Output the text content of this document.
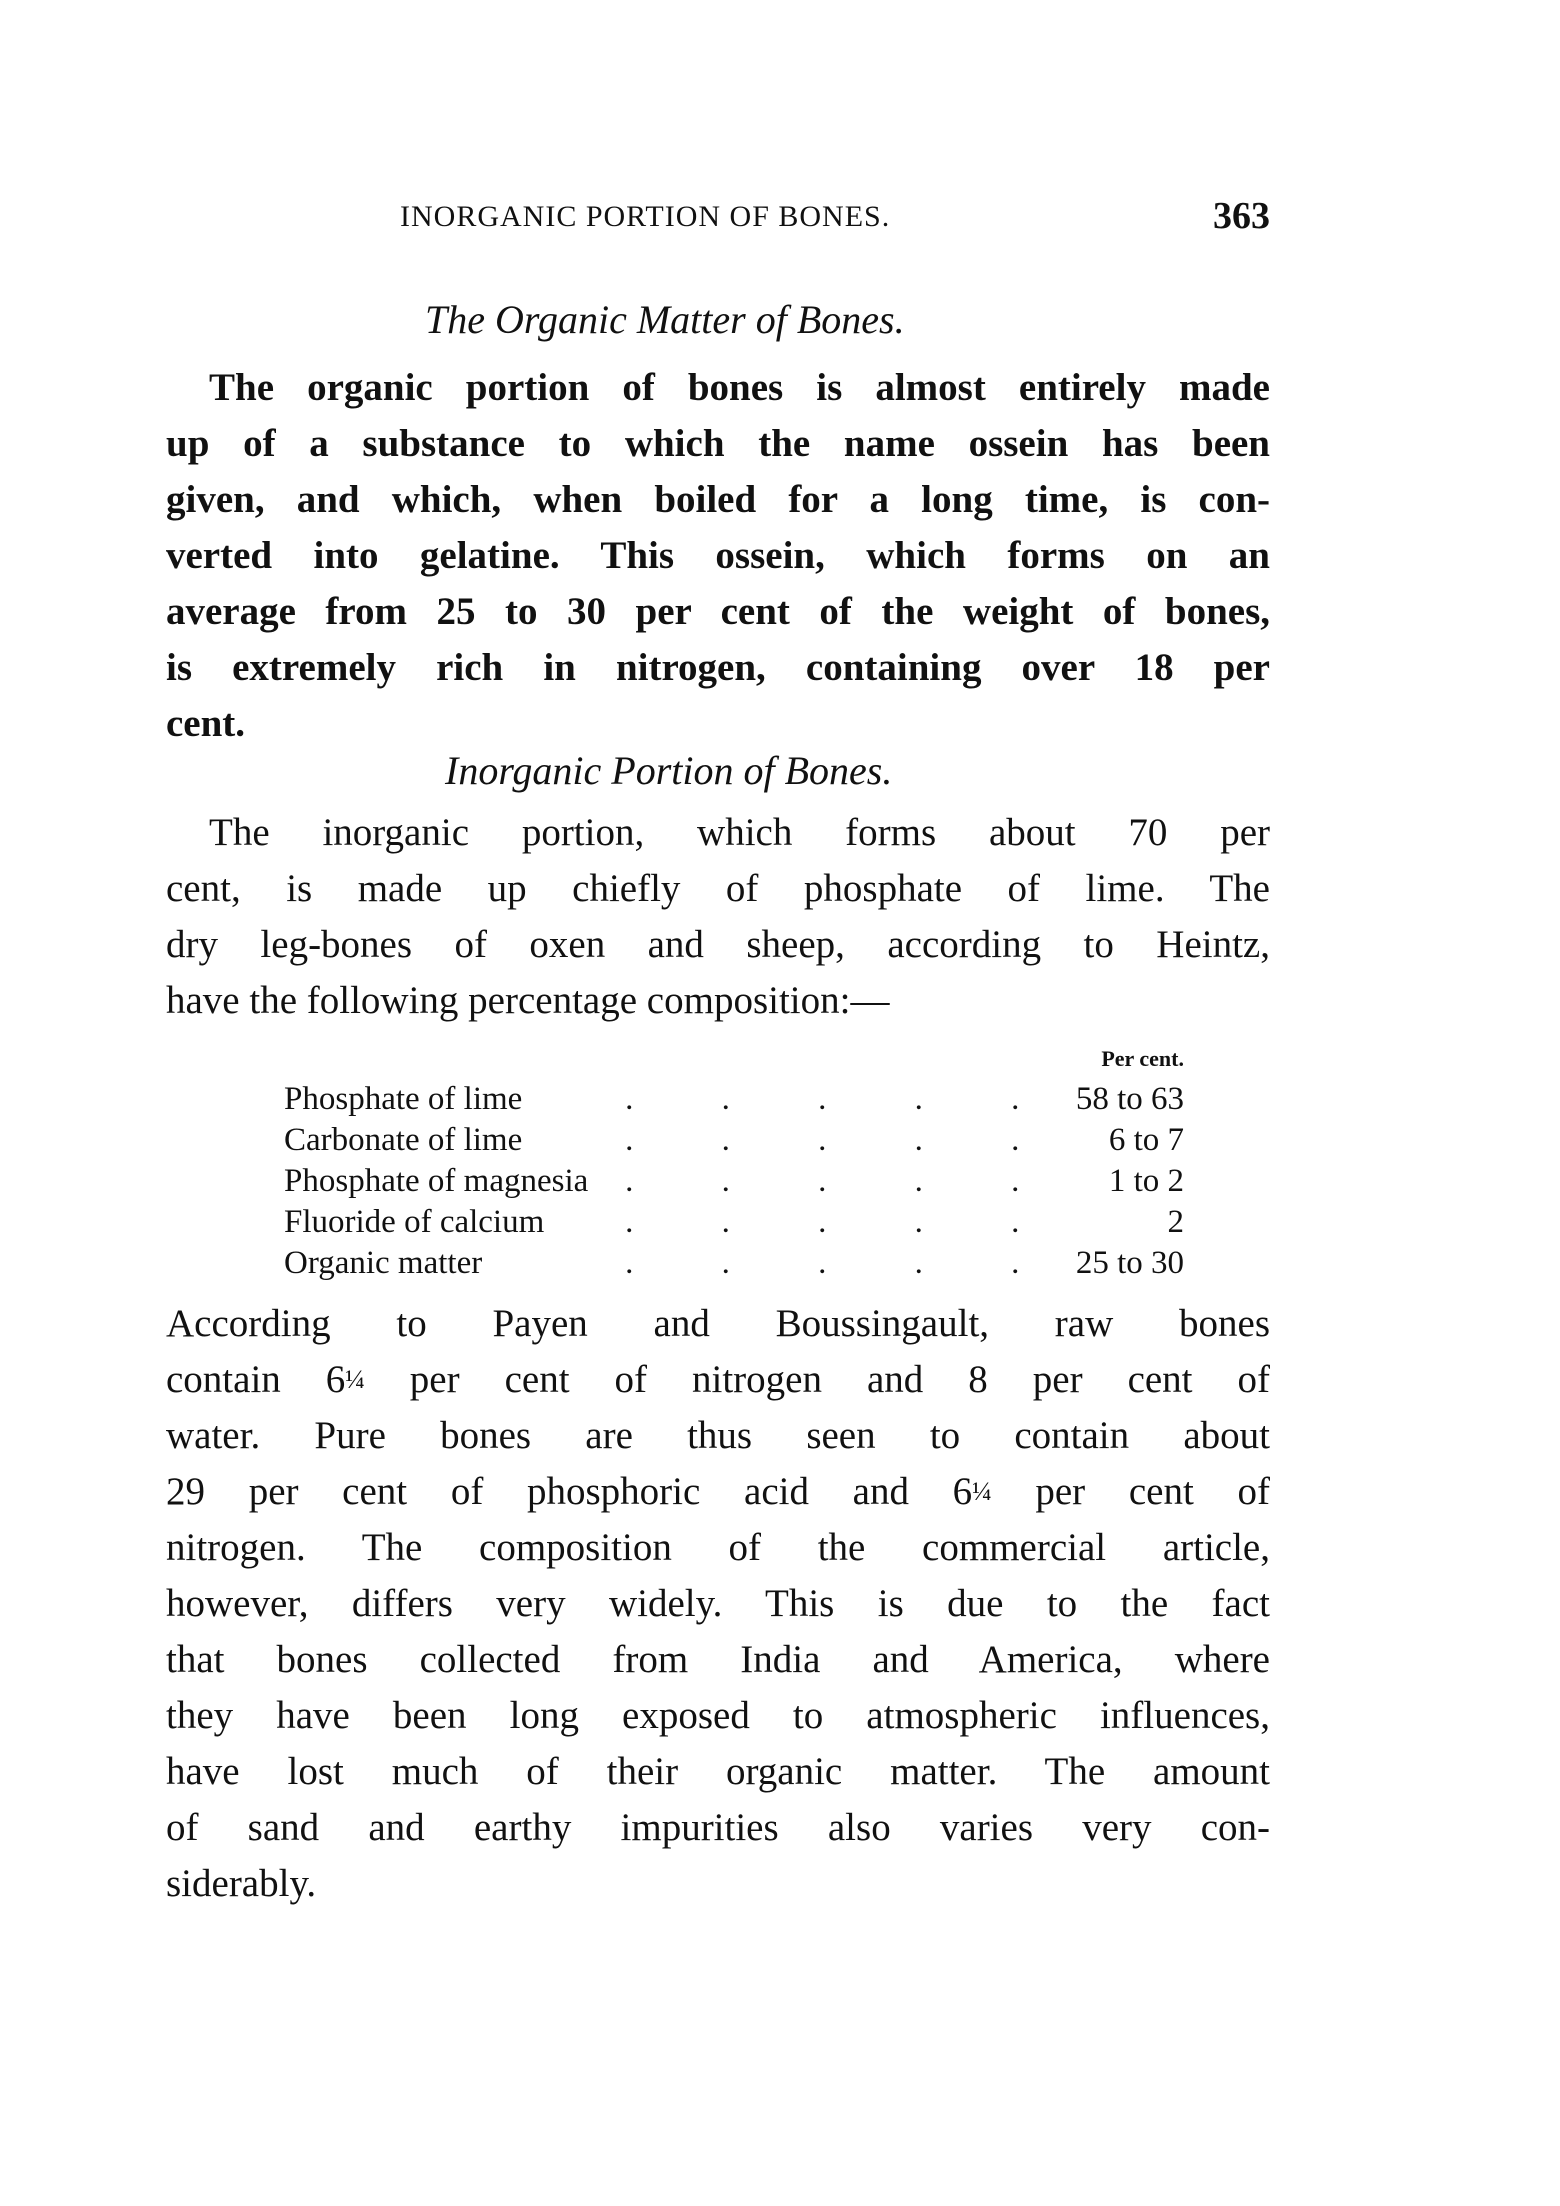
INORGANIC PORTION OF BONES.	363
The Organic Matter of Bones.
The organic portion of bones is almost entirely made
up of a substance to which the name ossein has been
given, and which, when boiled for a long time, is con-
verted into gelatine. This ossein, which forms on an
average from 25 to 30 per cent of the weight of bones,
is extremely rich in nitrogen, containing over 18 per
cent.
Inorganic Portion of Bones.
The inorganic portion, which forms about 70 per
cent, is made up chiefly of phosphate of lime. The
dry leg-bones of oxen and sheep, according to Heintz,
have the following percentage composition:—
		Per cent.
Phosphate of lime	. . . . .	58 to 63
Carbonate of lime	. . . . .	6 to 7
Phosphate of magnesia	. . . . .	1 to 2
Fluoride of calcium	. . . . .	2
Organic matter	. . . . .	25 to 30
According to Payen and Boussingault, raw bones
contain 6¼ per cent of nitrogen and 8 per cent of
water. Pure bones are thus seen to contain about
29 per cent of phosphoric acid and 6¼ per cent of
nitrogen. The composition of the commercial article,
however, differs very widely. This is due to the fact
that bones collected from India and America, where
they have been long exposed to atmospheric influences,
have lost much of their organic matter. The amount
of sand and earthy impurities also varies very con-
siderably.
